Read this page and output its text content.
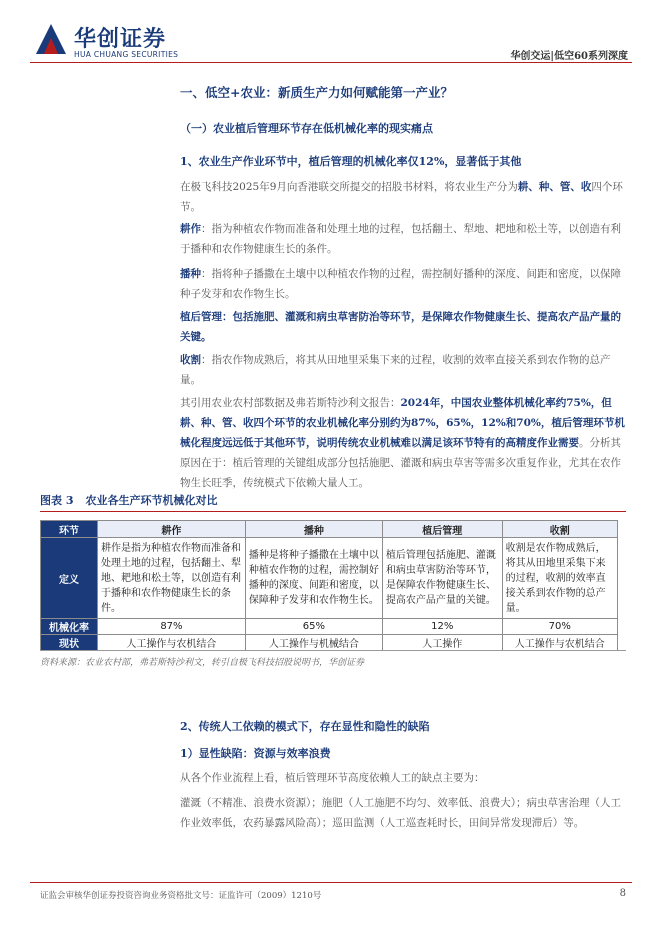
华创证券
HUA CHUANG SECURITIES	华创交运|低空60系列深度
一、低空+农业：新质生产力如何赋能第一产业？
（一）农业植后管理环节存在低机械化率的现实痛点
1、农业生产作业环节中，植后管理的机械化率仅12%，显著低于其他
在极飞科技2025年9月向香港联交所提交的招股书材料，将农业生产分为耕、种、管、收四个环节。
耕作：指为种植农作物而准备和处理土地的过程，包括翻土、犁地、耙地和松土等，以创造有利于播种和农作物健康生长的条件。
播种：指将种子播撒在土壤中以种植农作物的过程，需控制好播种的深度、间距和密度，以保障种子发芽和农作物生长。
植后管理：包括施肥、灌溉和病虫草害防治等环节，是保障农作物健康生长、提高农产品产量的关键。
收割：指农作物成熟后，将其从田地里采集下来的过程，收割的效率直接关系到农作物的总产量。
其引用农业农村部数据及弗若斯特沙利文报告：2024年，中国农业整体机械化率约75%，但耕、种、管、收四个环节的农业机械化率分别约为87%，65%，12%和70%，植后管理环节机械化程度远远低于其他环节，说明传统农业机械难以满足该环节特有的高精度作业需要。分析其原因在于：植后管理的关键组成部分包括施肥、灌溉和病虫草害等需多次重复作业，尤其在农作物生长旺季，传统模式下依赖大量人工。
图表 3 农业各生产环节机械化对比
环节	耕作	播种	植后管理	收割
定义	耕作是指为种植农作物而准备和处理土地的过程，包括翻土、犁地、耙地和松土等，以创造有利于播种和农作物健康生长的条件。	播种是将种子播撒在土壤中以种植农作物的过程，需控制好播种的深度、间距和密度，以保障种子发芽和农作物生长。	植后管理包括施肥、灌溉和病虫草害防治等环节，是保障农作物健康生长、提高农产品产量的关键。	收割是农作物成熟后，将其从田地里采集下来的过程，收割的效率直接关系到农作物的总产量。
机械化率	87%	65%	12%	70%
现状	人工操作与农机结合	人工操作与机械结合	人工操作	人工操作与农机结合
资料来源：农业农村部，弗若斯特沙利文，转引自极飞科技招股说明书，华创证券
2、传统人工依赖的模式下，存在显性和隐性的缺陷
1）显性缺陷：资源与效率浪费
从各个作业流程上看，植后管理环节高度依赖人工的缺点主要为：
灌溉（不精准、浪费水资源）；施肥（人工施肥不均匀、效率低、浪费大）；病虫草害治理（人工作业效率低，农药暴露风险高）；巡田监测（人工巡查耗时长，田间异常发现滞后）等。
证监会审核华创证券投资咨询业务资格批文号：证监许可（2009）1210号	8
